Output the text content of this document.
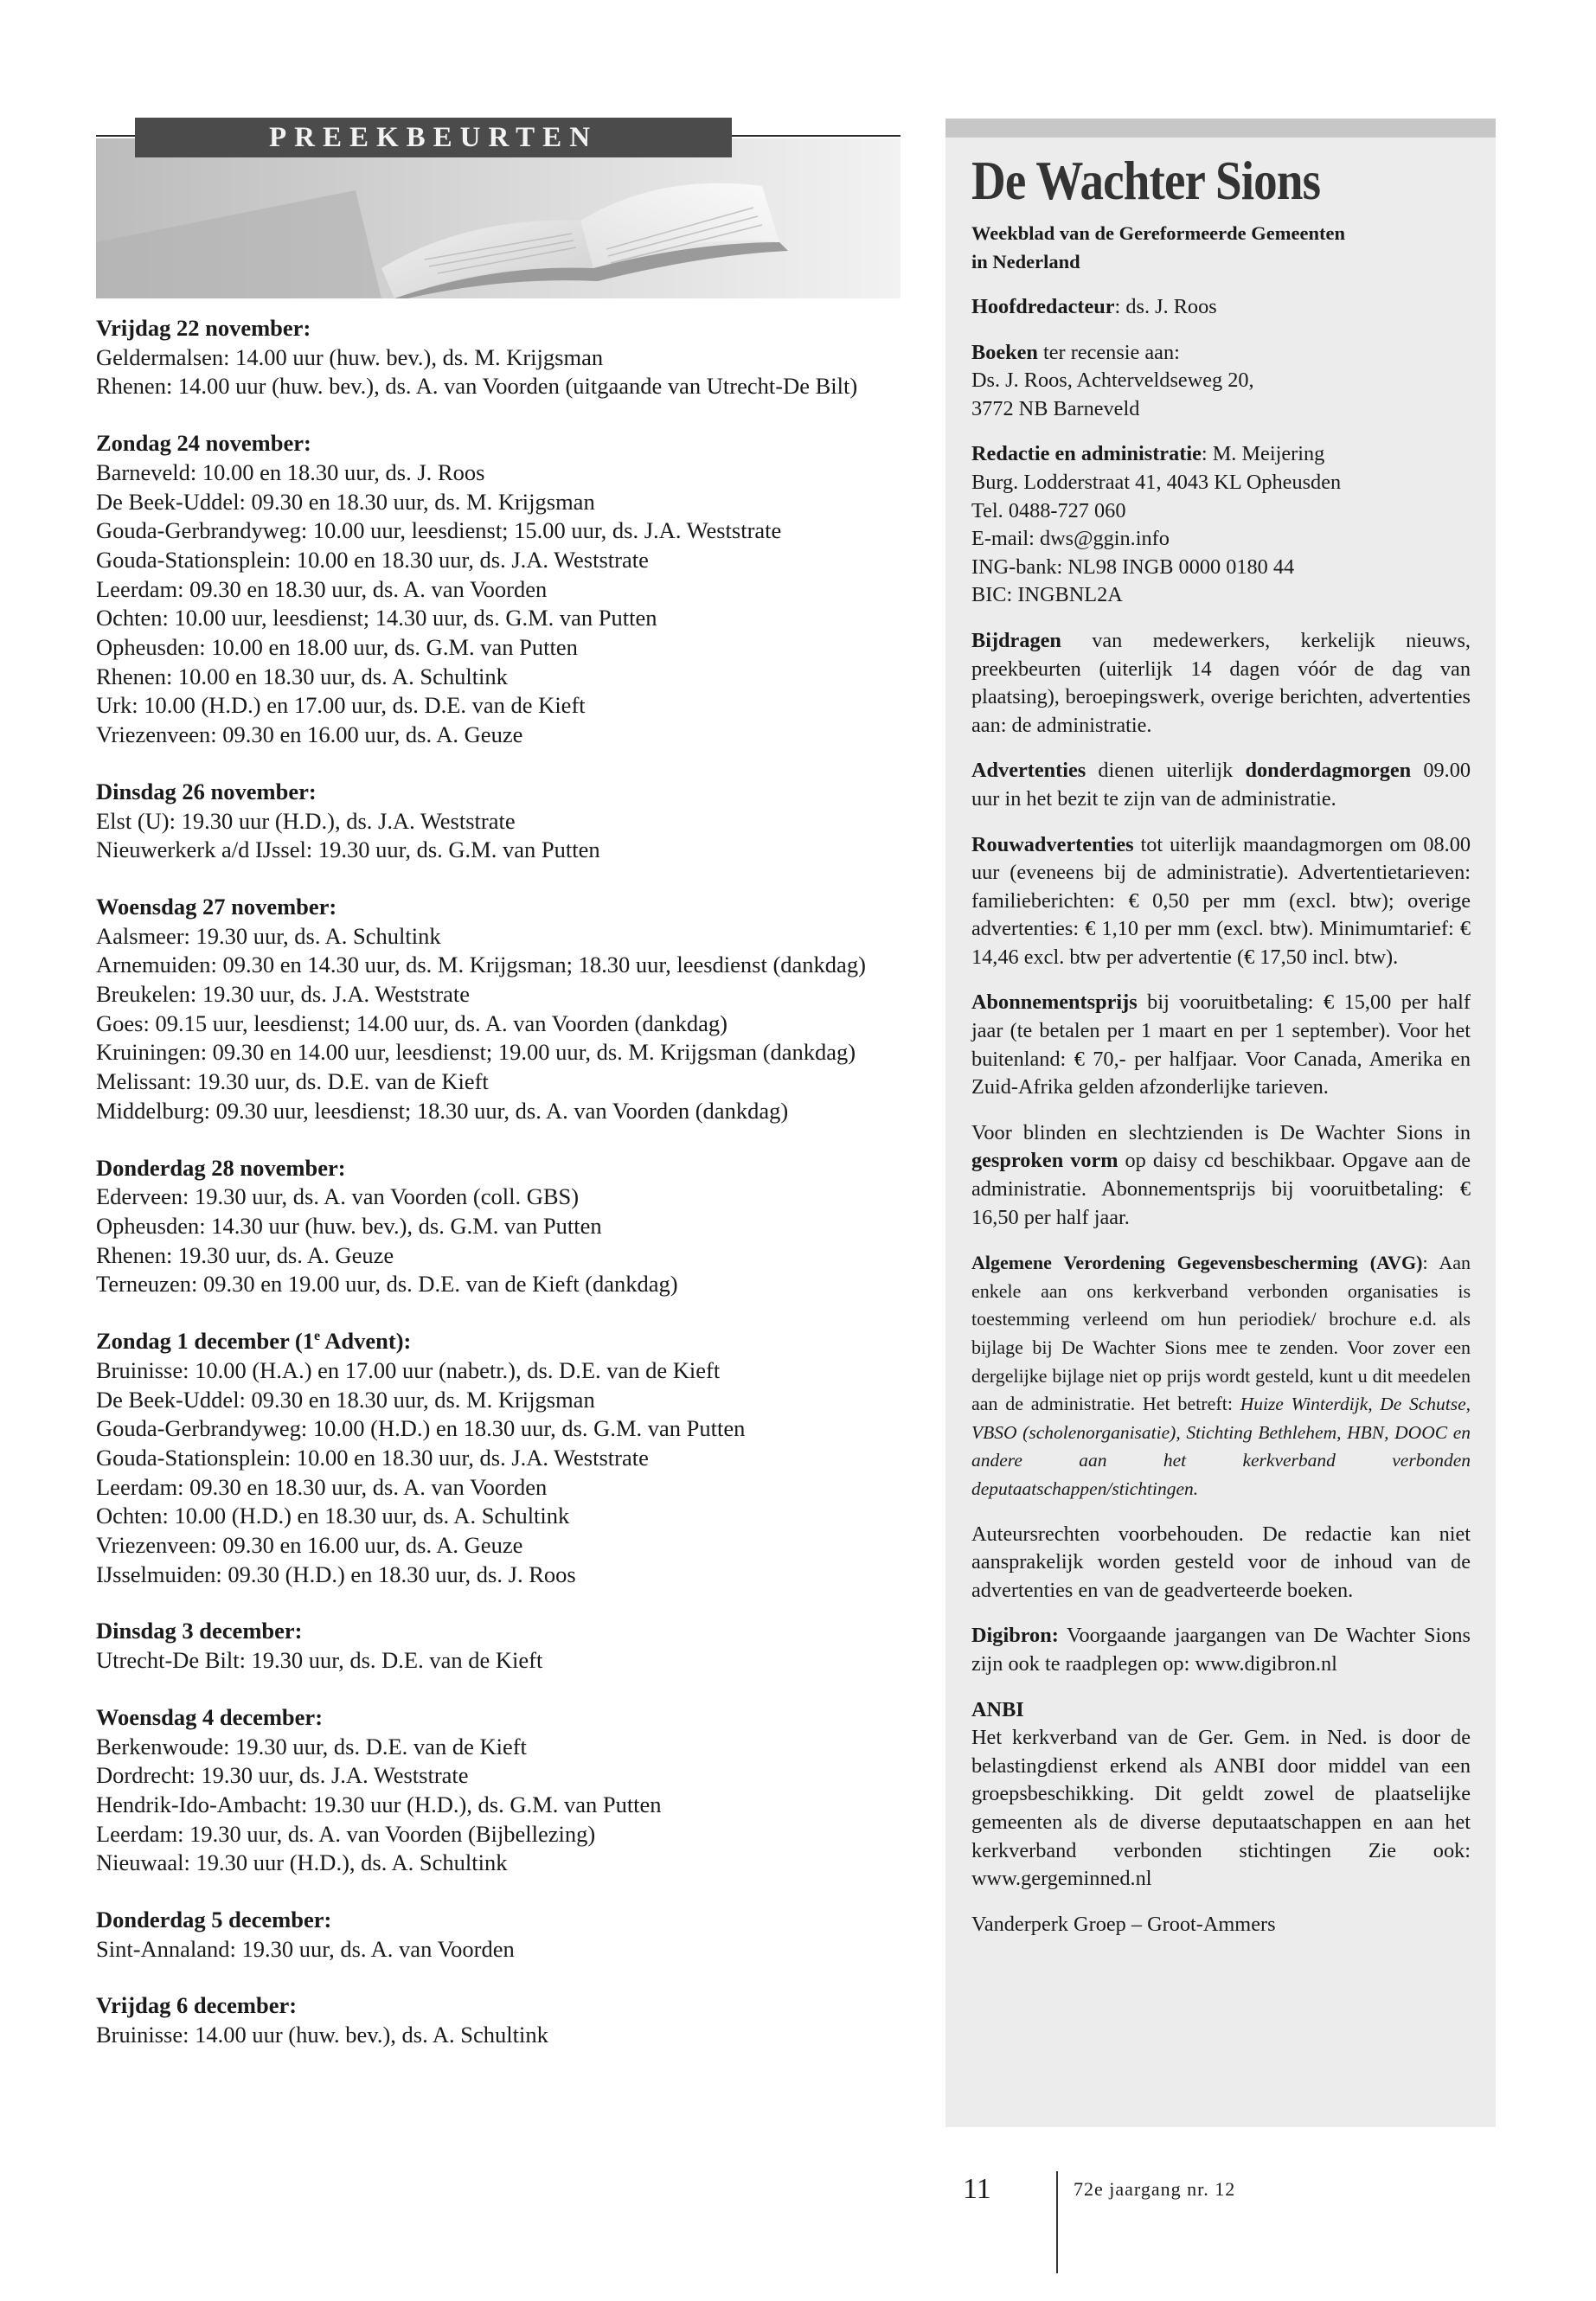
PREEKBEURTEN
Vrijdag 22 november:
Geldermalsen: 14.00 uur (huw. bev.), ds. M. Krijgsman
Rhenen: 14.00 uur (huw. bev.), ds. A. van Voorden (uitgaande van Utrecht-De Bilt)
Zondag 24 november:
Barneveld: 10.00 en 18.30 uur, ds. J. Roos
De Beek-Uddel: 09.30 en 18.30 uur, ds. M. Krijgsman
Gouda-Gerbrandyweg: 10.00 uur, leesdienst; 15.00 uur, ds. J.A. Weststrate
Gouda-Stationsplein: 10.00 en 18.30 uur, ds. J.A. Weststrate
Leerdam: 09.30 en 18.30 uur, ds. A. van Voorden
Ochten: 10.00 uur, leesdienst; 14.30 uur, ds. G.M. van Putten
Opheusden: 10.00 en 18.00 uur, ds. G.M. van Putten
Rhenen: 10.00 en 18.30 uur, ds. A. Schultink
Urk: 10.00 (H.D.) en 17.00 uur, ds. D.E. van de Kieft
Vriezenveen: 09.30 en 16.00 uur, ds. A. Geuze
Dinsdag 26 november:
Elst (U): 19.30 uur (H.D.), ds. J.A. Weststrate
Nieuwerkerk a/d IJssel: 19.30 uur, ds. G.M. van Putten
Woensdag 27 november:
Aalsmeer: 19.30 uur, ds. A. Schultink
Arnemuiden: 09.30 en 14.30 uur, ds. M. Krijgsman; 18.30 uur, leesdienst (dankdag)
Breukelen: 19.30 uur, ds. J.A. Weststrate
Goes: 09.15 uur, leesdienst; 14.00 uur, ds. A. van Voorden (dankdag)
Kruiningen: 09.30 en 14.00 uur, leesdienst; 19.00 uur, ds. M. Krijgsman (dankdag)
Melissant: 19.30 uur, ds. D.E. van de Kieft
Middelburg: 09.30 uur, leesdienst; 18.30 uur, ds. A. van Voorden (dankdag)
Donderdag 28 november:
Ederveen: 19.30 uur, ds. A. van Voorden (coll. GBS)
Opheusden: 14.30 uur (huw. bev.), ds. G.M. van Putten
Rhenen: 19.30 uur, ds. A. Geuze
Terneuzen: 09.30 en 19.00 uur, ds. D.E. van de Kieft (dankdag)
Zondag 1 december (1e Advent):
Bruinisse: 10.00 (H.A.) en 17.00 uur (nabetr.), ds. D.E. van de Kieft
De Beek-Uddel: 09.30 en 18.30 uur, ds. M. Krijgsman
Gouda-Gerbrandyweg: 10.00 (H.D.) en 18.30 uur, ds. G.M. van Putten
Gouda-Stationsplein: 10.00 en 18.30 uur, ds. J.A. Weststrate
Leerdam: 09.30 en 18.30 uur, ds. A. van Voorden
Ochten: 10.00 (H.D.) en 18.30 uur, ds. A. Schultink
Vriezenveen: 09.30 en 16.00 uur, ds. A. Geuze
IJsselmuiden: 09.30 (H.D.) en 18.30 uur, ds. J. Roos
Dinsdag 3 december:
Utrecht-De Bilt: 19.30 uur, ds. D.E. van de Kieft
Woensdag 4 december:
Berkenwoude: 19.30 uur, ds. D.E. van de Kieft
Dordrecht: 19.30 uur, ds. J.A. Weststrate
Hendrik-Ido-Ambacht: 19.30 uur (H.D.), ds. G.M. van Putten
Leerdam: 19.30 uur, ds. A. van Voorden (Bijbellezing)
Nieuwaal: 19.30 uur (H.D.), ds. A. Schultink
Donderdag 5 december:
Sint-Annaland: 19.30 uur, ds. A. van Voorden
Vrijdag 6 december:
Bruinisse: 14.00 uur (huw. bev.), ds. A. Schultink
De Wachter Sions
Weekblad van de Gereformeerde Gemeenten
in Nederland

Hoofdredacteur: ds. J. Roos

Boeken ter recensie aan:
Ds. J. Roos, Achterveldseweg 20,
3772 NB Barneveld

Redactie en administratie: M. Meijering
Burg. Lodderstraat 41, 4043 KL Opheusden
Tel. 0488-727 060
E-mail: dws@ggin.info
ING-bank: NL98 INGB 0000 0180 44
BIC: INGBNL2A

Bijdragen van medewerkers, kerkelijk nieuws, preekbeurten (uiterlijk 14 dagen vóór de dag van plaatsing), beroepingswerk, overige berichten, advertenties aan: de administratie.

Advertenties dienen uiterlijk donderdagmorgen 09.00 uur in het bezit te zijn van de administratie.

Rouwadvertenties tot uiterlijk maandagmorgen om 08.00 uur (eveneens bij de administratie). Advertentietarieven: familieberichten: € 0,50 per mm (excl. btw); overige advertenties: € 1,10 per mm (excl. btw). Minimumtarief: € 14,46 excl. btw per advertentie (€ 17,50 incl. btw).

Abonnementsprijs bij vooruitbetaling: € 15,00 per half jaar (te betalen per 1 maart en per 1 september). Voor het buitenland: € 70,- per halfjaar. Voor Canada, Amerika en Zuid-Afrika gelden afzonderlijke tarieven.

Voor blinden en slechtzienden is De Wachter Sions in gesproken vorm op daisy cd beschikbaar. Opgave aan de administratie. Abonnementsprijs bij vooruitbetaling: € 16,50 per half jaar.

Algemene Verordening Gegevensbescherming (AVG): Aan enkele aan ons kerkverband verbonden organisaties is toestemming verleend om hun periodiek/ brochure e.d. als bijlage bij De Wachter Sions mee te zenden. Voor zover een dergelijke bijlage niet op prijs wordt gesteld, kunt u dit meedelen aan de administratie. Het betreft: Huize Winterdijk, De Schutse, VBSO (scholenorganisatie), Stichting Bethlehem, HBN, DOOC en andere aan het kerkverband verbonden deputaatschappen/stichtingen.

Auteursrechten voorbehouden. De redactie kan niet aansprakelijk worden gesteld voor de inhoud van de advertenties en van de geadverteerde boeken.

Digibron: Voorgaande jaargangen van De Wachter Sions zijn ook te raadplegen op: www.digibron.nl

ANBI
Het kerkverband van de Ger. Gem. in Ned. is door de belastingdienst erkend als ANBI door middel van een groepsbeschikking. Dit geldt zowel de plaatselijke gemeenten als de diverse deputaatschappen en aan het kerkverband verbonden stichtingen Zie ook: www.gergeminned.nl

Vanderperk Groep – Groot-Ammers

11	72e jaargang nr. 12
